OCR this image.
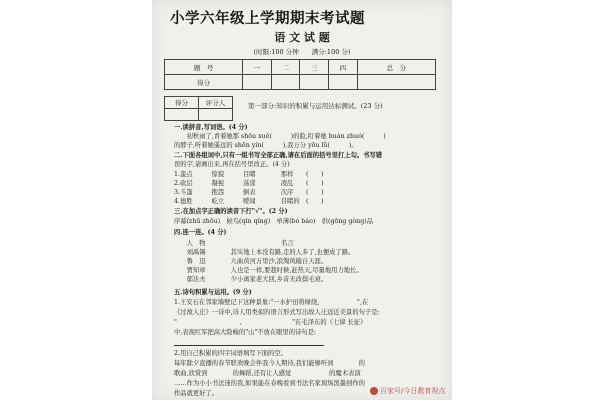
小学六年级上学期期末考试题
语 文 试 题
(时限:100 分钟　　满分:100 分)
题　号	一	二	三	四	总　分
得分					
得分	评分人
		第一部分:知识的积累与运用达标测试。(23 分)
一.读拼音,写词语。(4 分)
　　初秋雨了,青着她那 shōu xuě(　　　)的脸,盯着她 huán zhuó(　　　)
的脖子,听着她遥远的 shēn yín(　　　),我万分 yōu lǜ(　　　)。
二.下面各组词中,只有一组书写全部正确,请在后面的括号里打上勾。书写错
误的字,请画出来,再在括号里改正。(4 分)
1.蛮点　　　惊貌　　　目睹　　　　那样　　(　　)
2.砍层　　　凝视　　　荡漾　　　　凌乱　　(　　)
3.斗篷　　　抱怨　　　倒表　　　　次序　　(　　)
4.德胜　　　屹立　　　嗳闻　　　　目睹的　(　　)
三.在加点字正确的读音下打"√"。(2 分)
序幕(zhū zhōu)　候鸟(qín qíng)　单薄(bó báo)　供(gōng gòng)品
四.连一连。(4 分)
　　人　物　　　　　　　　　　　　名言
　　刘禹锡　　　　其实地上本没有路,走的人多了,也便成了路。
　　鲁　迅　　　　九曲黄河万里沙,浪淘风簸自天涯。
　　贾知章　　　　人也是一样,要趁时候,赶热天,尽量地用力地长。
　　郁达夫　　　　少小离家老大回,乡音无改鬓毛衰。
五.诗句积累与运用。(9 分)
1.王安石在邻家墙壁记下这种景象:"一水护田将绿绕,　　　　　　",在
《过故人庄》一诗中,诗人用类似的语言形式写出故人庄远近美景的句子是:
"　　　　　　　　　　,　　　　　　　　"在毛泽东的《七律 长征》
中,表现红军把高大险峻的"山"不放在眼里的诗句是:
2.用自己积累的四字词语填写下面的空。
每年除夕直播的春节联欢晚会伴我今人期待,我们能够听到　　　　的
歌曲,欣赏到　　　　的舞蹈,还有让人感觉　　　　　　的魔术表演
……作为小小书法迷的我,如果能在春晚看到书法名家现场泼墨创作的
作品就更好了。	百家号/今日教育视点
